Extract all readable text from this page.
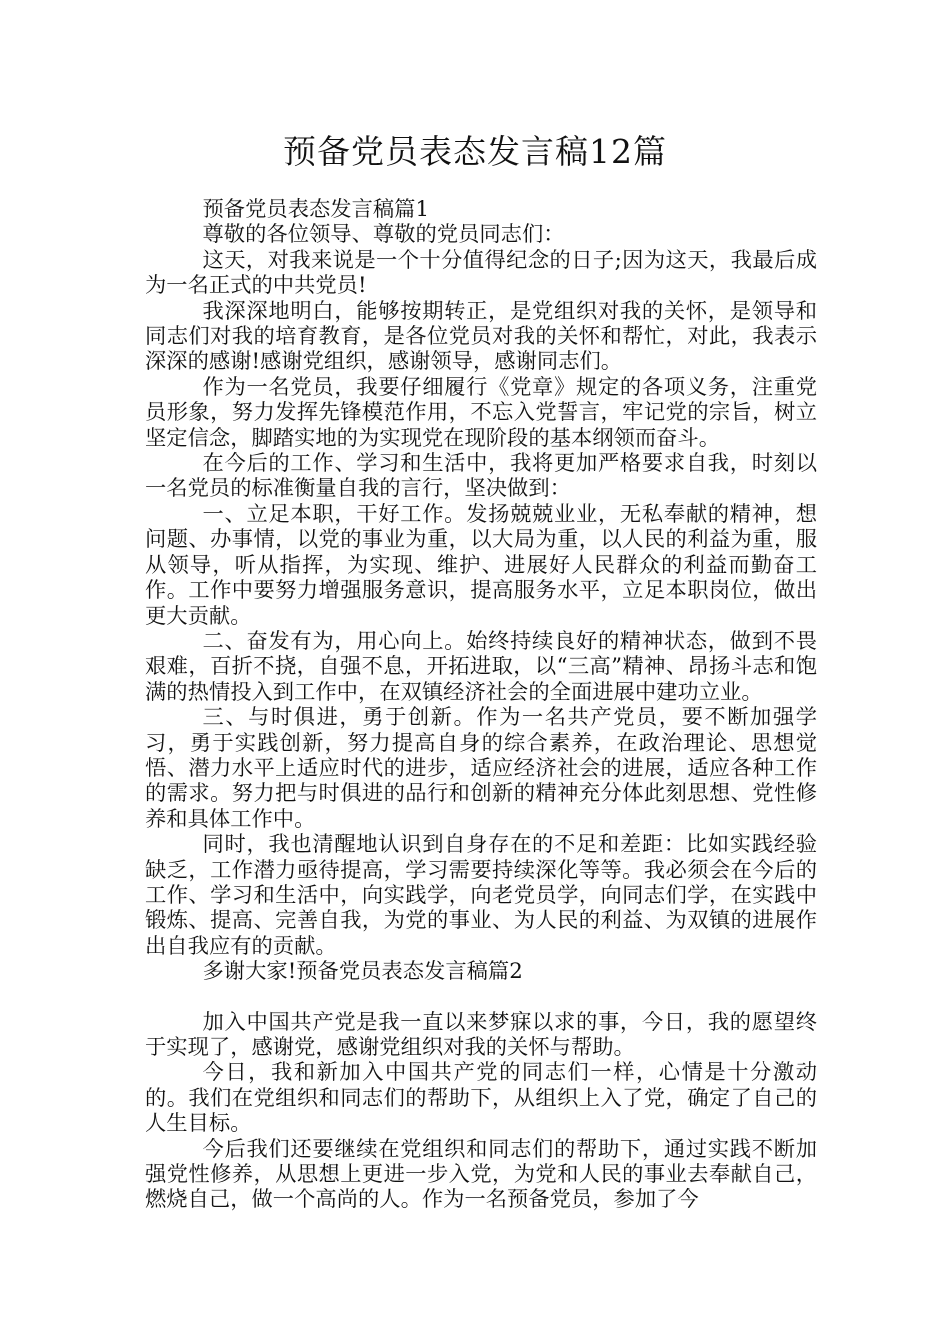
预备党员表态发言稿12篇

预备党员表态发言稿篇1

尊敬的各位领导、尊敬的党员同志们：

这天，对我来说是一个十分值得纪念的日子;因为这天，我最后成为一名正式的中共党员!

我深深地明白，能够按期转正，是党组织对我的关怀，是领导和同志们对我的培育教育，是各位党员对我的关怀和帮忙，对此，我表示深深的感谢!感谢党组织，感谢领导，感谢同志们。

作为一名党员，我要仔细履行《党章》规定的各项义务，注重党员形象，努力发挥先锋模范作用，不忘入党誓言，牢记党的宗旨，树立坚定信念，脚踏实地的为实现党在现阶段的基本纲领而奋斗。

在今后的工作、学习和生活中，我将更加严格要求自我，时刻以一名党员的标准衡量自我的言行，坚决做到：

一、立足本职，干好工作。发扬兢兢业业，无私奉献的精神，想问题、办事情，以党的事业为重，以大局为重，以人民的利益为重，服从领导，听从指挥，为实现、维护、进展好人民群众的利益而勤奋工作。工作中要努力增强服务意识，提高服务水平，立足本职岗位，做出更大贡献。

二、奋发有为，用心向上。始终持续良好的精神状态，做到不畏艰难，百折不挠，自强不息，开拓进取，以“三高”精神、昂扬斗志和饱满的热情投入到工作中，在双镇经济社会的全面进展中建功立业。

三、与时俱进，勇于创新。作为一名共产党员，要不断加强学习，勇于实践创新，努力提高自身的综合素养，在政治理论、思想觉悟、潜力水平上适应时代的进步，适应经济社会的进展，适应各种工作的需求。努力把与时俱进的品行和创新的精神充分体此刻思想、党性修养和具体工作中。

同时，我也清醒地认识到自身存在的不足和差距：比如实践经验缺乏，工作潜力亟待提高，学习需要持续深化等等。我必须会在今后的工作、学习和生活中，向实践学，向老党员学，向同志们学，在实践中锻炼、提高、完善自我，为党的事业、为人民的利益、为双镇的进展作出自我应有的贡献。

多谢大家!预备党员表态发言稿篇2

加入中国共产党是我一直以来梦寐以求的事，今日，我的愿望终于实现了，感谢党，感谢党组织对我的关怀与帮助。

今日，我和新加入中国共产党的同志们一样，心情是十分激动的。我们在党组织和同志们的帮助下，从组织上入了党，确定了自己的人生目标。

今后我们还要继续在党组织和同志们的帮助下，通过实践不断加强党性修养，从思想上更进一步入党，为党和人民的事业去奉献自己，燃烧自己，做一个高尚的人。作为一名预备党员，参加了今
